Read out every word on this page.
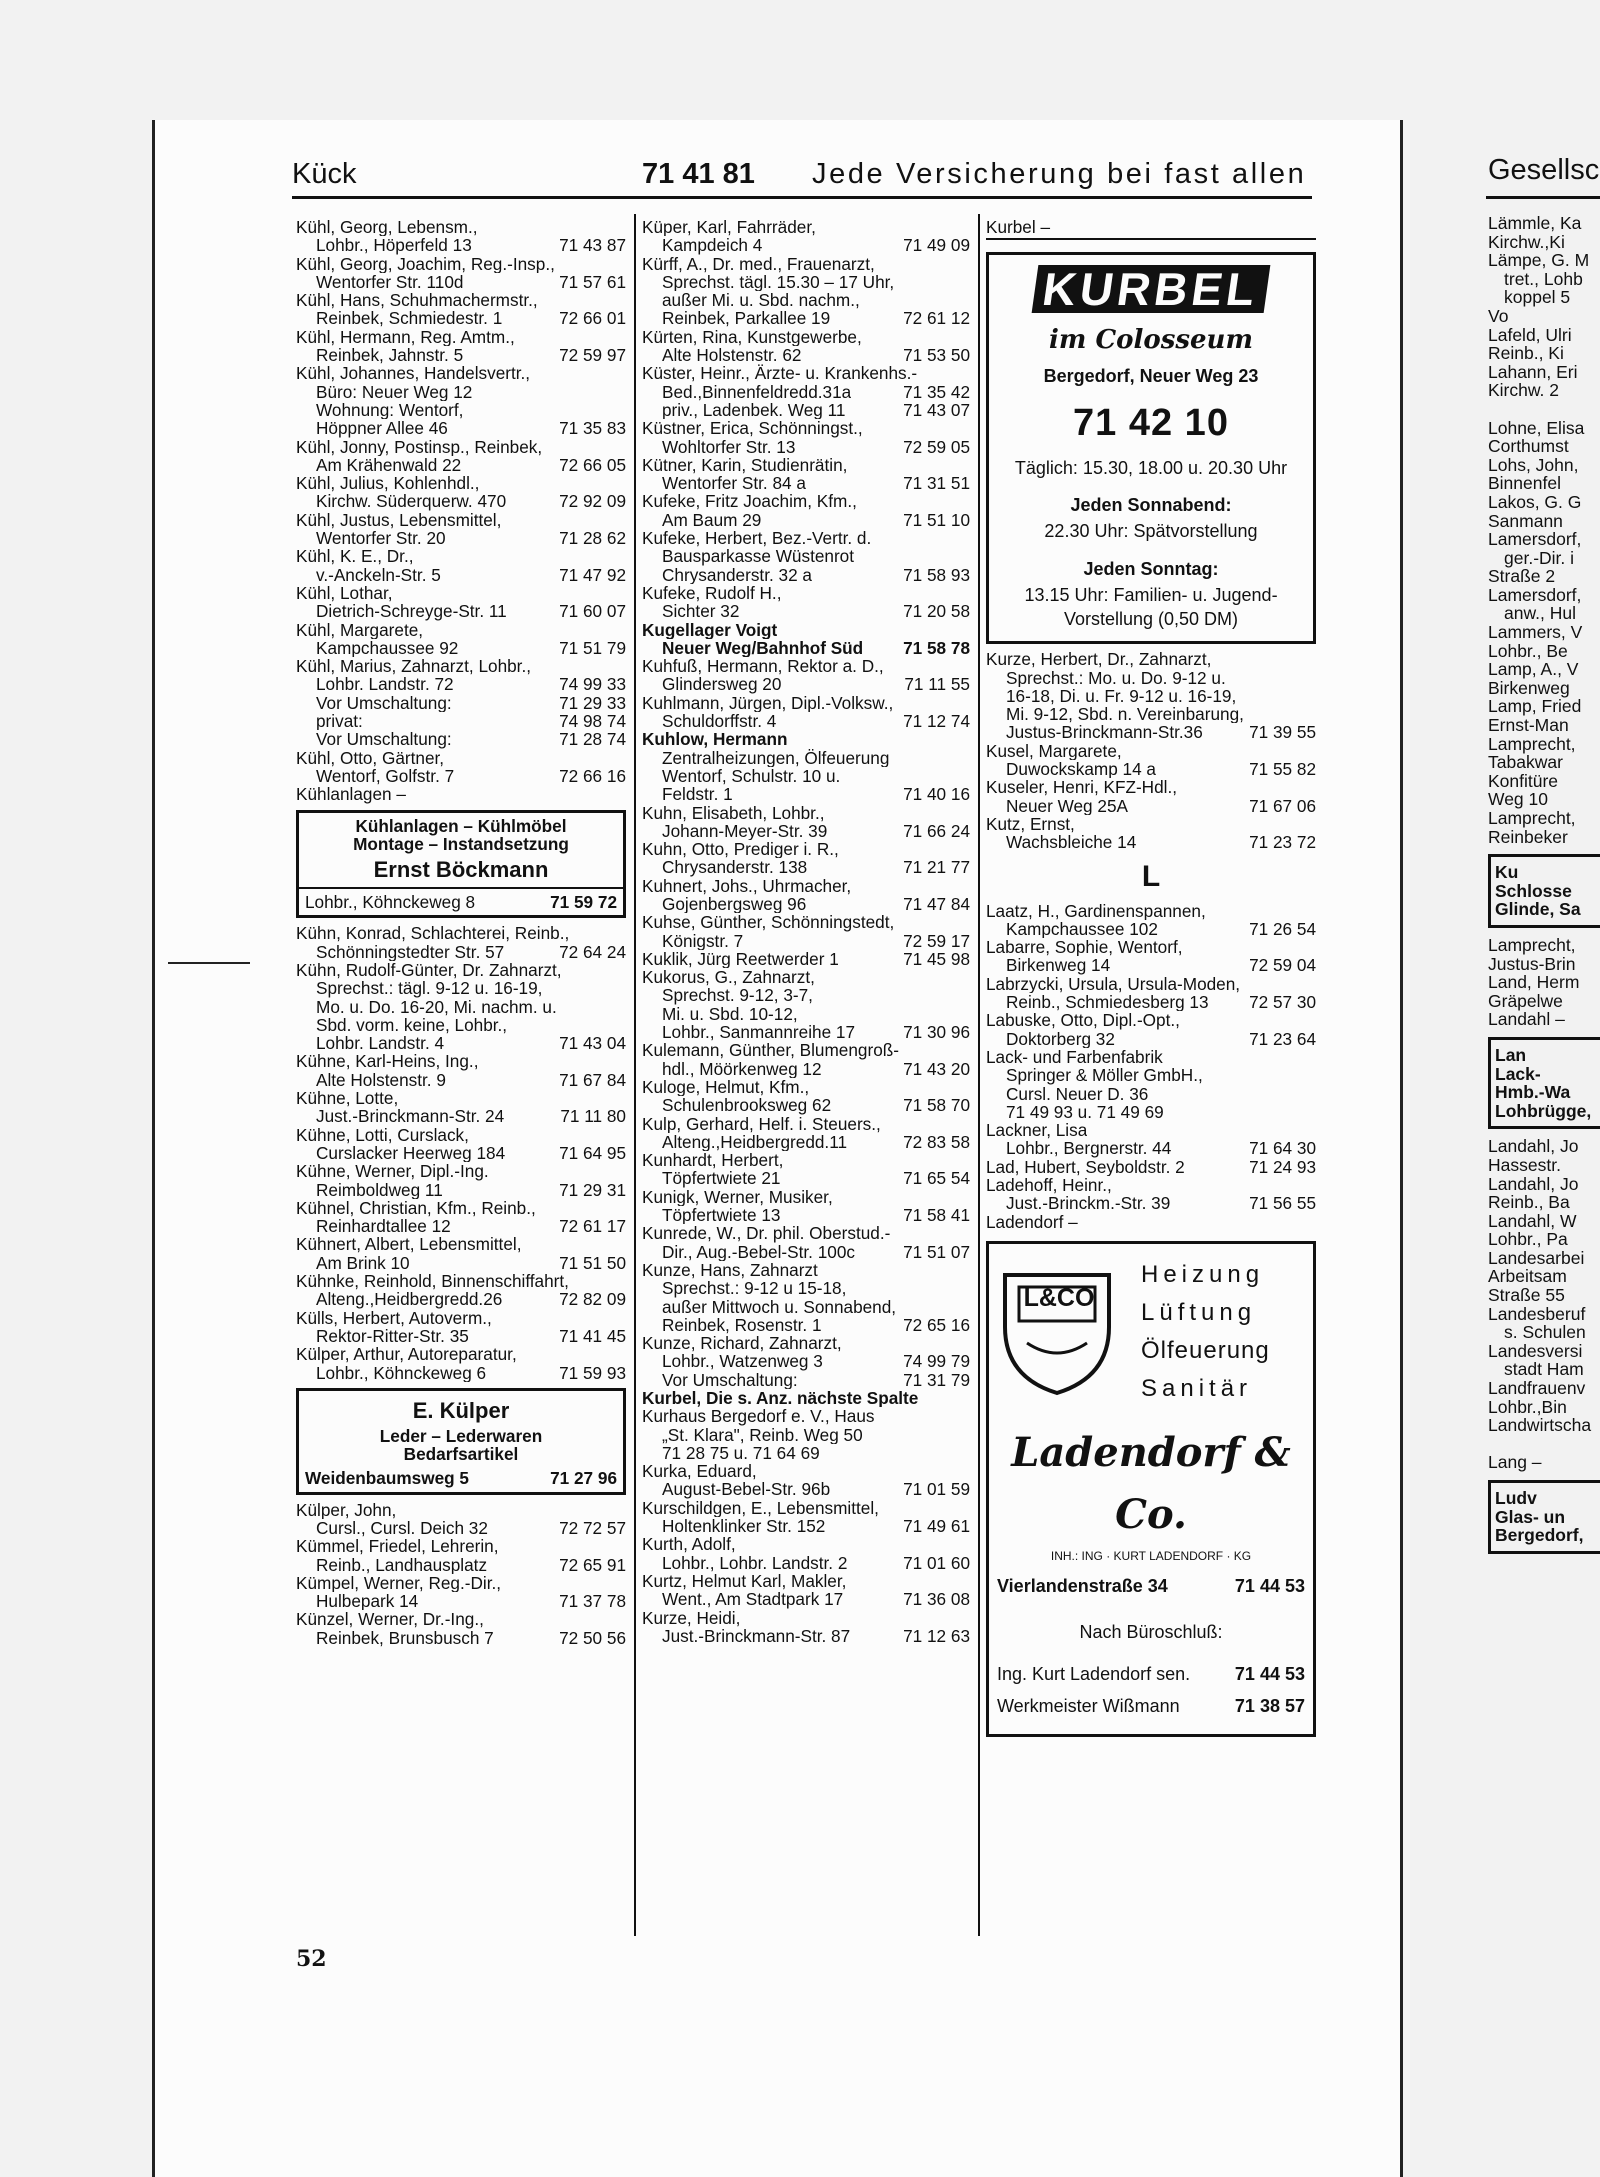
Kück	71 41 81 Jede Versicherung bei fast allen	Gesellsc
Kühl, Georg, Lebensm.,
Lohbr., Höperfeld 13	71 43 87
Kühl, Georg, Joachim, Reg.-Insp.,
Wentorfer Str. 110d	71 57 61
Kühl, Hans, Schuhmachermstr.,
Reinbek, Schmiedestr. 1	72 66 01
Kühl, Hermann, Reg. Amtm.,
Reinbek, Jahnstr. 5	72 59 97
Kühl, Johannes, Handelsvertr.,
Büro: Neuer Weg 12
Wohnung: Wentorf,
Höppner Allee 46	71 35 83
Kühl, Jonny, Postinsp., Reinbek,
Am Krähenwald 22	72 66 05
Kühl, Julius, Kohlenhdl.,
Kirchw. Süderquerw. 470	72 92 09
Kühl, Justus, Lebensmittel,
Wentorfer Str. 20	71 28 62
Kühl, K. E., Dr.,
v.-Anckeln-Str. 5	71 47 92
Kühl, Lothar,
Dietrich-Schreyge-Str. 11	71 60 07
Kühl, Margarete,
Kampchaussee 92	71 51 79
Kühl, Marius, Zahnarzt, Lohbr.,
Lohbr. Landstr. 72	74 99 33
Vor Umschaltung:	71 29 33
privat:	74 98 74
Vor Umschaltung:	71 28 74
Kühl, Otto, Gärtner,
Wentorf, Golfstr. 7	72 66 16
Kühlanlagen –
Kühlanlagen – Kühlmöbel
Montage – Instandsetzung
Ernst Böckmann
Lohbr., Köhnckeweg 8	71 59 72
Kühn, Konrad, Schlachterei, Reinb.,
Schönningstedter Str. 57	72 64 24
Kühn, Rudolf-Günter, Dr. Zahnarzt,
Sprechst.: tägl. 9-12 u. 16-19,
Mo. u. Do. 16-20, Mi. nachm. u.
Sbd. vorm. keine, Lohbr.,
Lohbr. Landstr. 4	71 43 04
Kühne, Karl-Heins, Ing.,
Alte Holstenstr. 9	71 67 84
Kühne, Lotte,
Just.-Brinckmann-Str. 24	71 11 80
Kühne, Lotti, Curslack,
Curslacker Heerweg 184	71 64 95
Kühne, Werner, Dipl.-Ing.
Reimboldweg 11	71 29 31
Kühnel, Christian, Kfm., Reinb.,
Reinhardtallee 12	72 61 17
Kühnert, Albert, Lebensmittel,
Am Brink 10	71 51 50
Kühnke, Reinhold, Binnenschiffahrt,
Alteng.,Heidbergredd.26	72 82 09
Külls, Herbert, Autoverm.,
Rektor-Ritter-Str. 35	71 41 45
Külper, Arthur, Autoreparatur,
Lohbr., Köhnckeweg 6	71 59 93
E. Külper
Leder – Lederwaren
Bedarfsartikel
Weidenbaumsweg 5	71 27 96
Külper, John,
Cursl., Cursl. Deich 32	72 72 57
Kümmel, Friedel, Lehrerin,
Reinb., Landhausplatz	72 65 91
Kümpel, Werner, Reg.-Dir.,
Hulbepark 14	71 37 78
Künzel, Werner, Dr.-Ing.,
Reinbek, Brunsbusch 7	72 50 56
Küper, Karl, Fahrräder,
Kampdeich 4	71 49 09
Kürff, A., Dr. med., Frauenarzt,
Sprechst. tägl. 15.30 – 17 Uhr,
außer Mi. u. Sbd. nachm.,
Reinbek, Parkallee 19	72 61 12
Kürten, Rina, Kunstgewerbe,
Alte Holstenstr. 62	71 53 50
Küster, Heinr., Ärzte- u. Krankenhs.-
Bed.,Binnenfeldredd.31a	71 35 42
priv., Ladenbek. Weg 11	71 43 07
Küstner, Erica, Schönningst.,
Wohltorfer Str. 13	72 59 05
Kütner, Karin, Studienrätin,
Wentorfer Str. 84 a	71 31 51
Kufeke, Fritz Joachim, Kfm.,
Am Baum 29	71 51 10
Kufeke, Herbert, Bez.-Vertr. d.
Bausparkasse Wüstenrot
Chrysanderstr. 32 a	71 58 93
Kufeke, Rudolf H.,
Sichter 32	71 20 58
Kugellager Voigt
Neuer Weg/Bahnhof Süd	71 58 78
Kuhfuß, Hermann, Rektor a. D.,
Glindersweg 20	71 11 55
Kuhlmann, Jürgen, Dipl.-Volksw.,
Schuldorffstr. 4	71 12 74
Kuhlow, Hermann
Zentralheizungen, Ölfeuerung
Wentorf, Schulstr. 10 u.
Feldstr. 1	71 40 16
Kuhn, Elisabeth, Lohbr.,
Johann-Meyer-Str. 39	71 66 24
Kuhn, Otto, Prediger i. R.,
Chrysanderstr. 138	71 21 77
Kuhnert, Johs., Uhrmacher,
Gojenbergsweg 96	71 47 84
Kuhse, Günther, Schönningstedt,
Königstr. 7	72 59 17
Kuklik, Jürg Reetwerder 1	71 45 98
Kukorus, G., Zahnarzt,
Sprechst. 9-12, 3-7,
Mi. u. Sbd. 10-12,
Lohbr., Sanmannreihe 17	71 30 96
Kulemann, Günther, Blumengroß-
hdl., Möörkenweg 12	71 43 20
Kuloge, Helmut, Kfm.,
Schulenbrooksweg 62	71 58 70
Kulp, Gerhard, Helf. i. Steuers.,
Alteng.,Heidbergredd.11	72 83 58
Kunhardt, Herbert,
Töpfertwiete 21	71 65 54
Kunigk, Werner, Musiker,
Töpfertwiete 13	71 58 41
Kunrede, W., Dr. phil. Oberstud.-
Dir., Aug.-Bebel-Str. 100c	71 51 07
Kunze, Hans, Zahnarzt
Sprechst.: 9-12 u 15-18,
außer Mittwoch u. Sonnabend,
Reinbek, Rosenstr. 1	72 65 16
Kunze, Richard, Zahnarzt,
Lohbr., Watzenweg 3	74 99 79
Vor Umschaltung:	71 31 79
Kurbel, Die s. Anz. nächste Spalte
Kurhaus Bergedorf e. V., Haus
„St. Klara", Reinb. Weg 50
71 28 75 u. 71 64 69
Kurka, Eduard,
August-Bebel-Str. 96b	71 01 59
Kurschildgen, E., Lebensmittel,
Holtenklinker Str. 152	71 49 61
Kurth, Adolf,
Lohbr., Lohbr. Landstr. 2	71 01 60
Kurtz, Helmut Karl, Makler,
Went., Am Stadtpark 17	71 36 08
Kurze, Heidi,
Just.-Brinckmann-Str. 87	71 12 63
Kurbel –
KURBEL
im Colosseum
Bergedorf, Neuer Weg 23
71 42 10
Täglich: 15.30, 18.00 u. 20.30 Uhr
Jeden Sonnabend:
22.30 Uhr: Spätvorstellung
Jeden Sonntag:
13.15 Uhr: Familien- u. Jugend-
Vorstellung (0,50 DM)
Kurze, Herbert, Dr., Zahnarzt,
Sprechst.: Mo. u. Do. 9-12 u.
16-18, Di. u. Fr. 9-12 u. 16-19,
Mi. 9-12, Sbd. n. Vereinbarung,
Justus-Brinckmann-Str.36	71 39 55
Kusel, Margarete,
Duwockskamp 14 a	71 55 82
Kuseler, Henri, KFZ-Hdl.,
Neuer Weg 25A	71 67 06
Kutz, Ernst,
Wachsbleiche 14	71 23 72
L
Laatz, H., Gardinenspannen,
Kampchaussee 102	71 26 54
Labarre, Sophie, Wentorf,
Birkenweg 14	72 59 04
Labrzycki, Ursula, Ursula-Moden,
Reinb., Schmiedesberg 13	72 57 30
Labuske, Otto, Dipl.-Opt.,
Doktorberg 32	71 23 64
Lack- und Farbenfabrik
Springer & Möller GmbH.,
Cursl. Neuer D. 36
71 49 93 u. 71 49 69
Lackner, Lisa
Lohbr., Bergnerstr. 44	71 64 30
Lad, Hubert, Seyboldstr. 2	71 24 93
Ladehoff, Heinr.,
Just.-Brinckm.-Str. 39	71 56 55
Ladendorf –
L&CO
Heizung
Lüftung
Ölfeuerung
Sanitär
Ladendorf & Co.
INH.: ING · KURT LADENDORF · KG
Vierlandenstraße 34	71 44 53
Nach Büroschluß:
Ing. Kurt Ladendorf sen. 71 44 53
Werkmeister Wißmann	71 38 57
Lämmle, Ka
Kirchw.,Ki
Lämpe, G. M
tret., Lohb
koppel 5
Vo
Lafeld, Ulri
Reinb., Ki
Lahann, Eri
Kirchw. 2

Lohne, Elisa
Corthumst
Lohs, John,
Binnenfel
Lakos, G. G
Sanmann
Lamersdorf,
ger.-Dir. i
Straße 2
Lamersdorf,
anw., Hul
Lammers, V
Lohbr., Be
Lamp, A., V
Birkenweg
Lamp, Fried
Ernst-Man
Lamprecht,
Tabakwar
Konfitüre
Weg 10
Lamprecht,
Reinbeker
Ku
Schlosse
Glinde, Sa
Lamprecht,
Justus-Brin
Land, Herm
Gräpelwe
Landahl –
Lan
Lack-
Hmb.-Wa
Lohbrügge,
Landahl, Jo
Hassestr.
Landahl, Jo
Reinb., Ba
Landahl, W
Lohbr., Pa
Landesarbei
Arbeitsam
Straße 55
Landesberuf
s. Schulen
Landesversi
stadt Ham
Landfrauenv
Lohbr.,Bin
Landwirtscha

Lang –
Ludv
Glas- un
Bergedorf,
52
